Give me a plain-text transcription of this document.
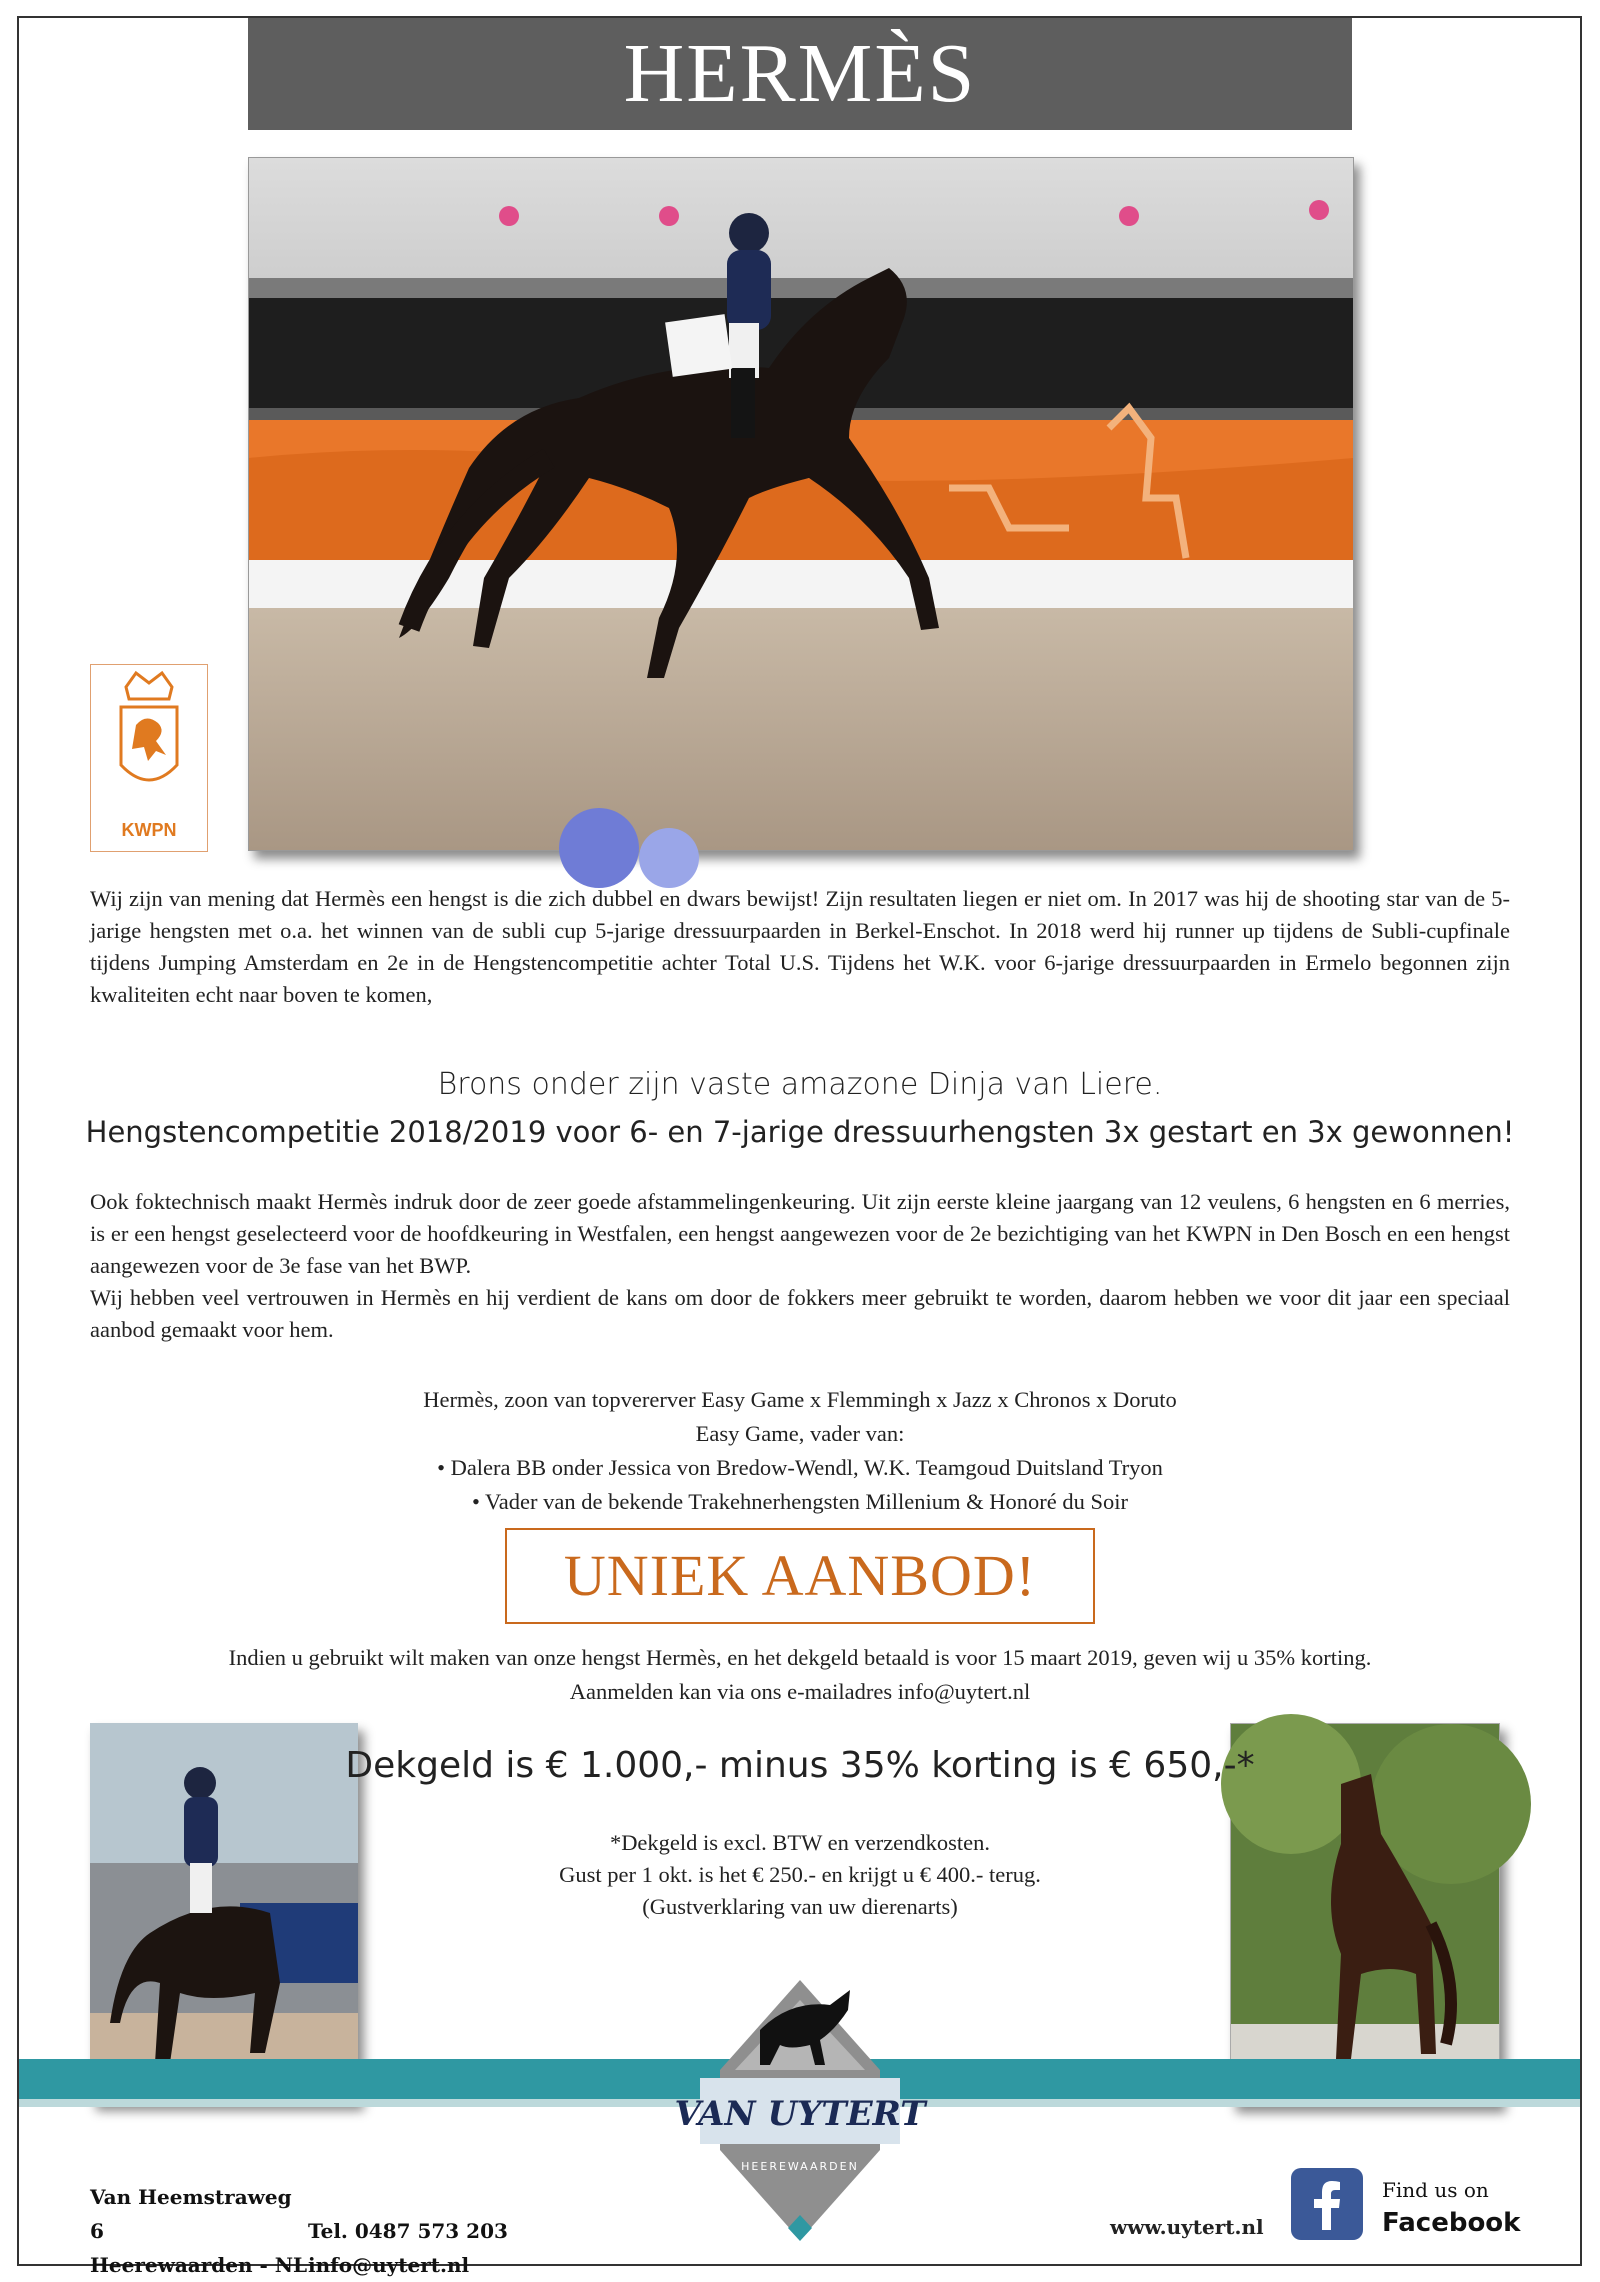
HERMÈS
KWPN

Wij zijn van mening dat Hermès een hengst is die zich dubbel en dwars bewijst! Zijn resultaten liegen er niet om. In 2017 was hij de shooting star van de 5-jarige hengsten met o.a. het winnen van de subli cup 5-jarige dressuurpaarden in Berkel-Enschot. In 2018 werd hij runner up tijdens de Subli-cupfinale tijdens Jumping Amsterdam en 2e in de Hengstencompetitie achter Total U.S. Tijdens het W.K. voor 6-jarige dressuurpaarden in Ermelo begonnen zijn kwaliteiten echt naar boven te komen,

Brons onder zijn vaste amazone Dinja van Liere.
Hengstencompetitie 2018/2019 voor 6- en 7-jarige dressuurhengsten 3x gestart en 3x gewonnen!

Ook foktechnisch maakt Hermès indruk door de zeer goede afstammelingenkeuring. Uit zijn eerste kleine jaargang van 12 veulens, 6 hengsten en 6 merries, is er een hengst geselecteerd voor de hoofdkeuring in Westfalen, een hengst aangewezen voor de 2e bezichtiging van het KWPN in Den Bosch en een hengst aangewezen voor de 3e fase van het BWP.

Wij hebben veel vertrouwen in Hermès en hij verdient de kans om door de fokkers meer gebruikt te worden, daarom hebben we voor dit jaar een speciaal aanbod gemaakt voor hem.

Hermès, zoon van topvererver Easy Game x Flemmingh x Jazz x Chronos x Doruto
Easy Game, vader van:
• Dalera BB onder Jessica von Bredow-Wendl, W.K. Teamgoud Duitsland Tryon
• Vader van de bekende Trakehnerhengsten Millenium & Honoré du Soir
UNIEK AANBOD!
Indien u gebruikt wilt maken van onze hengst Hermès, en het dekgeld betaald is voor 15 maart 2019, geven wij u 35% korting.
Aanmelden kan via ons e-mailadres info@uytert.nl
Dekgeld is € 1.000,- minus 35% korting is € 650,-*
*Dekgeld is excl. BTW en verzendkosten.
Gust per 1 okt. is het € 250.- en krijgt u € 400.- terug.
(Gustverklaring van uw dierenarts)
VAN UYTERT
HEEREWAARDEN
Van Heemstraweg 6	Tel. 0487 573 203
Heerewaarden - NLinfo@uytert.nl
www.uytert.nl
Find us on
Facebook
